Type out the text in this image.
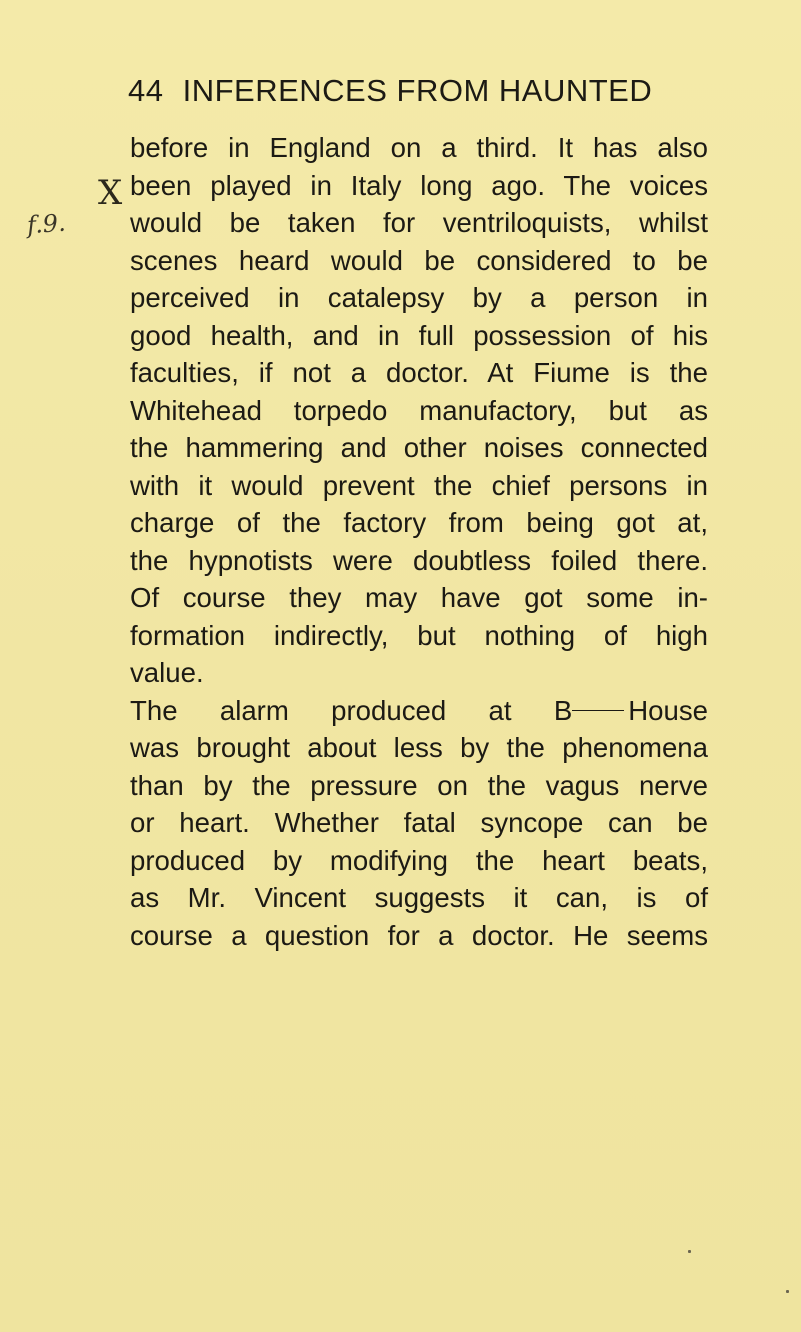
44 INFERENCES FROM HAUNTED
X
f.9.
before in England on a third. It has also
been played in Italy long ago. The voices
would be taken for ventriloquists, whilst
scenes heard would be considered to be
perceived in catalepsy by a person in
good health, and in full possession of his
faculties, if not a doctor. At Fiume is the
Whitehead torpedo manufactory, but as
the hammering and other noises connected
with it would prevent the chief persons in
charge of the factory from being got at,
the hypnotists were doubtless foiled there.
Of course they may have got some in-
formation indirectly, but nothing of high
value.
The alarm produced at B House
was brought about less by the phenomena
than by the pressure on the vagus nerve
or heart. Whether fatal syncope can be
produced by modifying the heart beats,
as Mr. Vincent suggests it can, is of
course a question for a doctor. He seems
